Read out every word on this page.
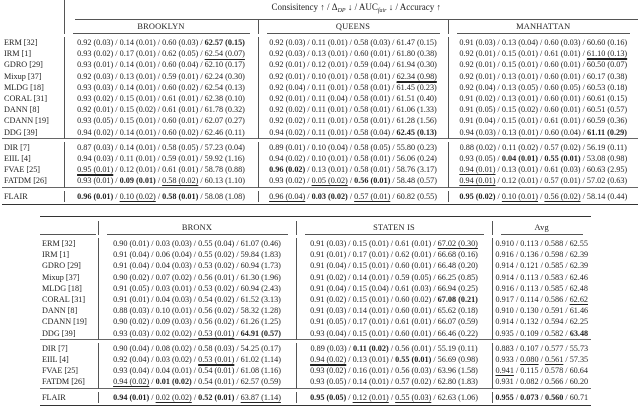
	Consisitency ↑ / $\Delta_{DP}$ ↓ / $AUC_{fair}$ ↓ / Accuracy ↑		

	BROOKLYN	QUEENS	MANHATTAN

ERM [32]	0.92 (0.03) / 0.14 (0.01) / 0.60 (0.03) / 62.57 (0.15)	0.92 (0.03) / 0.11 (0.01) / 0.58 (0.03) / 61.47 (0.15)	0.91 (0.03) / 0.13 (0.04) / 0.60 (0.03) / 60.60 (0.16)
IRM [1]	0.93 (0.02) / 0.17 (0.01) / 0.62 (0.05) / 62.54 (0.07)	0.92 (0.03) / 0.13 (0.01) / 0.60 (0.01) / 61.80 (0.38)	0.92 (0.01) / 0.15 (0.01) / 0.61 (0.01) / 61.10 (0.13)
GDRO [29]	0.93 (0.01) / 0.14 (0.01) / 0.60 (0.04) / 62.10 (0.17)	0.92 (0.01) / 0.12 (0.01) / 0.59 (0.04) / 61.94 (0.30)	0.92 (0.01) / 0.15 (0.01) / 0.60 (0.01) / 60.50 (0.07)
Mixup [37]	0.92 (0.03) / 0.13 (0.01) / 0.59 (0.01) / 62.24 (0.30)	0.92 (0.01) / 0.10 (0.01) / 0.58 (0.01) / 62.34 (0.98)	0.92 (0.01) / 0.13 (0.01) / 0.60 (0.01) / 60.17 (0.38)
MLDG [18]	0.93 (0.03) / 0.14 (0.01) / 0.60 (0.02) / 62.54 (0.13)	0.92 (0.04) / 0.11 (0.01) / 0.58 (0.01) / 61.45 (0.23)	0.92 (0.04) / 0.13 (0.05) / 0.60 (0.05) / 60.53 (0.18)
CORAL [31]	0.93 (0.02) / 0.15 (0.01) / 0.61 (0.01) / 62.38 (0.10)	0.92 (0.01) / 0.11 (0.04) / 0.58 (0.01) / 61.51 (0.40)	0.91 (0.02) / 0.13 (0.01) / 0.60 (0.01) / 60.61 (0.15)
DANN [8]	0.92 (0.01) / 0.15 (0.02) / 0.61 (0.01) / 61.78 (0.32)	0.92 (0.02) / 0.11 (0.01) / 0.58 (0.01) / 61.06 (1.33)	0.91 (0.05) / 0.15 (0.02) / 0.60 (0.01) / 60.51 (0.57)
CDANN [19]	0.93 (0.05) / 0.15 (0.01) / 0.60 (0.01) / 62.07 (0.27)	0.92 (0.02) / 0.11 (0.01) / 0.58 (0.01) / 61.28 (1.56)	0.91 (0.04) / 0.15 (0.01) / 0.61 (0.01) / 60.59 (0.36)
DDG [39]	0.94 (0.02) / 0.14 (0.01) / 0.60 (0.02) / 62.46 (0.11)	0.94 (0.02) / 0.11 (0.01) / 0.58 (0.04) / 62.45 (0.13)	0.94 (0.03) / 0.13 (0.01) / 0.60 (0.04) / 61.11 (0.29)

DIR [7]	0.87 (0.03) / 0.14 (0.01) / 0.58 (0.05) / 57.23 (0.04)	0.89 (0.01) / 0.10 (0.04) / 0.58 (0.05) / 55.80 (0.23)	0.88 (0.02) / 0.11 (0.02) / 0.57 (0.02) / 56.19 (0.11)
EIIL [4]	0.94 (0.03) / 0.11 (0.01) / 0.59 (0.01) / 59.92 (1.16)	0.94 (0.02) / 0.10 (0.01) / 0.58 (0.01) / 56.06 (0.24)	0.93 (0.05) / 0.04 (0.01) / 0.55 (0.01) / 53.08 (0.98)
FVAE [25]	0.95 (0.01) / 0.12 (0.01) / 0.61 (0.01) / 58.78 (0.88)	0.96 (0.02) / 0.13 (0.01) / 0.58 (0.01) / 58.76 (3.17)	0.94 (0.01) / 0.13 (0.01) / 0.61 (0.03) / 60.63 (2.95)
FATDM [26]	0.93 (0.01) / 0.09 (0.01) / 0.58 (0.02) / 60.13 (1.10)	0.93 (0.02) / 0.05 (0.02) / 0.56 (0.01) / 58.48 (0.57)	0.94 (0.01) / 0.12 (0.01) / 0.57 (0.01) / 57.02 (0.63)

FLAIR	0.96 (0.01) / 0.10 (0.02) / 0.58 (0.01) / 58.08 (1.08)	0.96 (0.04) / 0.03 (0.02) / 0.57 (0.01) / 60.82 (0.55)	0.95 (0.02) / 0.10 (0.01) / 0.56 (0.02) / 58.14 (0.44)

	BRONX	STATEN IS	Avg

ERM [32]	0.90 (0.01) / 0.03 (0.03) / 0.55 (0.04) / 61.07 (0.46)	0.91 (0.03) / 0.15 (0.01) / 0.61 (0.01) / 67.02 (0.30)	0.910 / 0.113 / 0.588 / 62.55
IRM [1]	0.91 (0.04) / 0.06 (0.04) / 0.55 (0.02) / 59.84 (1.83)	0.91 (0.01) / 0.17 (0.01) / 0.62 (0.01) / 66.68 (0.16)	0.916 / 0.136 / 0.598 / 62.39
GDRO [29]	0.91 (0.04) / 0.04 (0.03) / 0.53 (0.02) / 60.94 (1.73)	0.91 (0.04) / 0.15 (0.01) / 0.60 (0.01) / 66.48 (0.20)	0.914 / 0.121 / 0.585 / 62.39
Mixup [37]	0.90 (0.02) / 0.07 (0.02) / 0.56 (0.01) / 61.30 (1.96)	0.91 (0.02) / 0.14 (0.01) / 0.59 (0.05) / 66.25 (0.85)	0.914 / 0.113 / 0.583 / 62.46
MLDG [18]	0.91 (0.05) / 0.03 (0.01) / 0.53 (0.02) / 60.94 (2.43)	0.91 (0.04) / 0.15 (0.04) / 0.61 (0.03) / 66.94 (0.25)	0.916 / 0.113 / 0.585 / 62.48
CORAL [31]	0.91 (0.01) / 0.04 (0.03) / 0.54 (0.02) / 61.52 (3.13)	0.91 (0.02) / 0.15 (0.01) / 0.60 (0.02) / 67.08 (0.21)	0.917 / 0.114 / 0.586 / 62.62
DANN [8]	0.88 (0.03) / 0.10 (0.01) / 0.56 (0.02) / 58.32 (1.28)	0.91 (0.03) / 0.14 (0.01) / 0.60 (0.01) / 65.62 (0.18)	0.910 / 0.130 / 0.591 / 61.46
CDANN [19]	0.90 (0.02) / 0.09 (0.03) / 0.56 (0.02) / 61.26 (1.25)	0.91 (0.05) / 0.17 (0.01) / 0.61 (0.01) / 66.07 (0.59)	0.914 / 0.132 / 0.594 / 62.25
DDG [39]	0.93 (0.03) / 0.02 (0.02) / 0.53 (0.01) / 64.91 (0.57)	0.93 (0.04) / 0.15 (0.01) / 0.60 (0.01) / 66.46 (0.22)	0.935 / 0.109 / 0.582 / 63.48

DIR [7]	0.90 (0.04) / 0.08 (0.02) / 0.58 (0.03) / 54.25 (0.17)	0.89 (0.03) / 0.11 (0.02) / 0.56 (0.01) / 55.19 (0.11)	0.883 / 0.107 / 0.577 / 55.73
EIIL [4]	0.92 (0.04) / 0.03 (0.02) / 0.53 (0.01) / 61.02 (1.14)	0.94 (0.02) / 0.13 (0.01) / 0.55 (0.01) / 56.69 (0.98)	0.933 / 0.080 / 0.561 / 57.35
FVAE [25]	0.93 (0.04) / 0.04 (0.01) / 0.54 (0.01) / 61.08 (1.16)	0.93 (0.02) / 0.16 (0.01) / 0.56 (0.03) / 63.96 (1.58)	0.941 / 0.115 / 0.578 / 60.64
FATDM [26]	0.94 (0.02) / 0.01 (0.02) / 0.54 (0.01) / 62.57 (0.59)	0.93 (0.05) / 0.14 (0.01) / 0.57 (0.02) / 62.80 (1.83)	0.931 / 0.082 / 0.566 / 60.20

FLAIR	0.94 (0.01) / 0.02 (0.02) / 0.52 (0.01) / 63.87 (1.14)	0.95 (0.05) / 0.12 (0.01) / 0.55 (0.03) / 62.63 (1.06)	0.955 / 0.073 / 0.560 / 60.71
